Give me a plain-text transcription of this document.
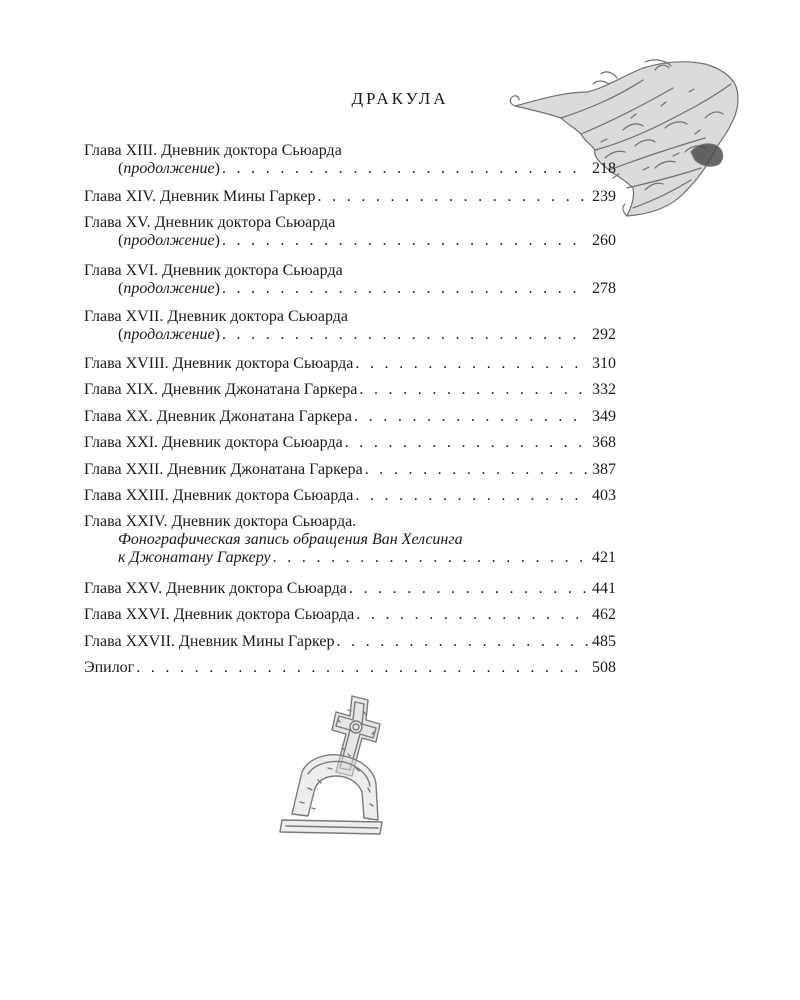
ДРАКУЛА
Глава XIII. Дневник доктора Сьюарда
(продолжение) . . .	218
Глава XIV. Дневник Мины Гаркер . . .	239
Глава XV. Дневник доктора Сьюарда
(продолжение) . . .	260
Глава XVI. Дневник доктора Сьюарда
(продолжение) . . .	278
Глава XVII. Дневник доктора Сьюарда
(продолжение) . . .	292
Глава XVIII. Дневник доктора Сьюарда . . .	310
Глава XIX. Дневник Джонатана Гаркера . . .	332
Глава XX. Дневник Джонатана Гаркера . . .	349
Глава XXI. Дневник доктора Сьюарда . . .	368
Глава XXII. Дневник Джонатана Гаркера . . .	387
Глава XXIII. Дневник доктора Сьюарда . . .	403
Глава XXIV. Дневник доктора Сьюарда.
Фонографическая запись обращения Ван Хелсинга
к Джонатану Гаркеру . . .	421
Глава XXV. Дневник доктора Сьюарда . . .	441
Глава XXVI. Дневник доктора Сьюарда . . .	462
Глава XXVII. Дневник Мины Гаркер . . .	485
Эпилог . . .	508
